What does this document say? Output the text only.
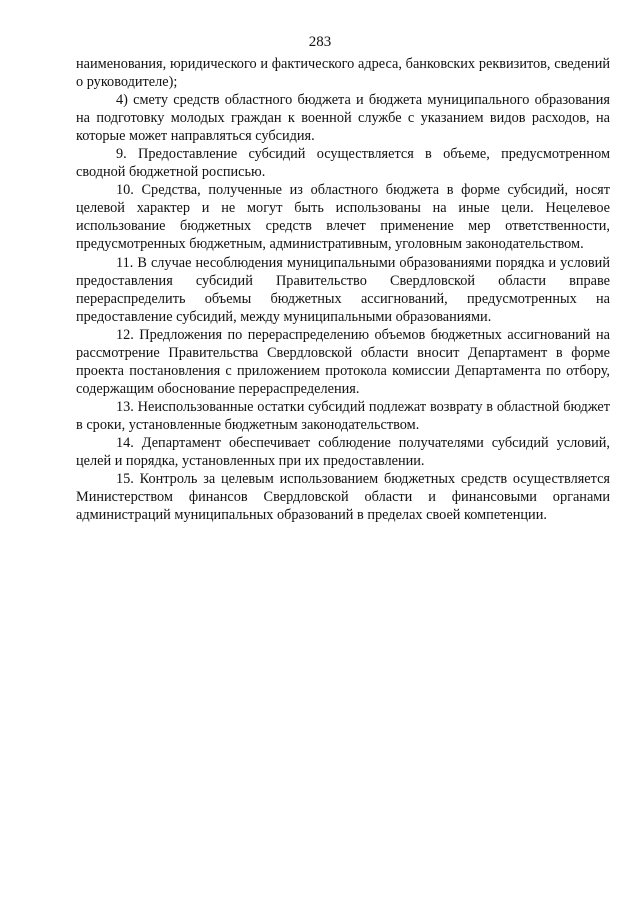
283

наименования, юридического и фактического адреса, банковских реквизитов, сведений о руководителе);

4) смету средств областного бюджета и бюджета муниципального образования на подготовку молодых граждан к военной службе с указанием видов расходов, на которые может направляться субсидия.

9. Предоставление субсидий осуществляется в объеме, предусмотренном сводной бюджетной росписью.

10. Средства, полученные из областного бюджета в форме субсидий, носят целевой характер и не могут быть использованы на иные цели. Нецелевое использование бюджетных средств влечет применение мер ответственности, предусмотренных бюджетным, административным, уголовным законодательством.

11. В случае несоблюдения муниципальными образованиями порядка и условий предоставления субсидий Правительство Свердловской области вправе перераспределить объемы бюджетных ассигнований, предусмотренных на предоставление субсидий, между муниципальными образованиями.

12. Предложения по перераспределению объемов бюджетных ассигнований на рассмотрение Правительства Свердловской области вносит Департамент в форме проекта постановления с приложением протокола комиссии Департамента по отбору, содержащим обоснование перераспределения.

13. Неиспользованные остатки субсидий подлежат возврату в областной бюджет в сроки, установленные бюджетным законодательством.

14. Департамент обеспечивает соблюдение получателями субсидий условий, целей и порядка, установленных при их предоставлении.

15. Контроль за целевым использованием бюджетных средств осуществляется Министерством финансов Свердловской области и финансовыми органами администраций муниципальных образований в пределах своей компетенции.
